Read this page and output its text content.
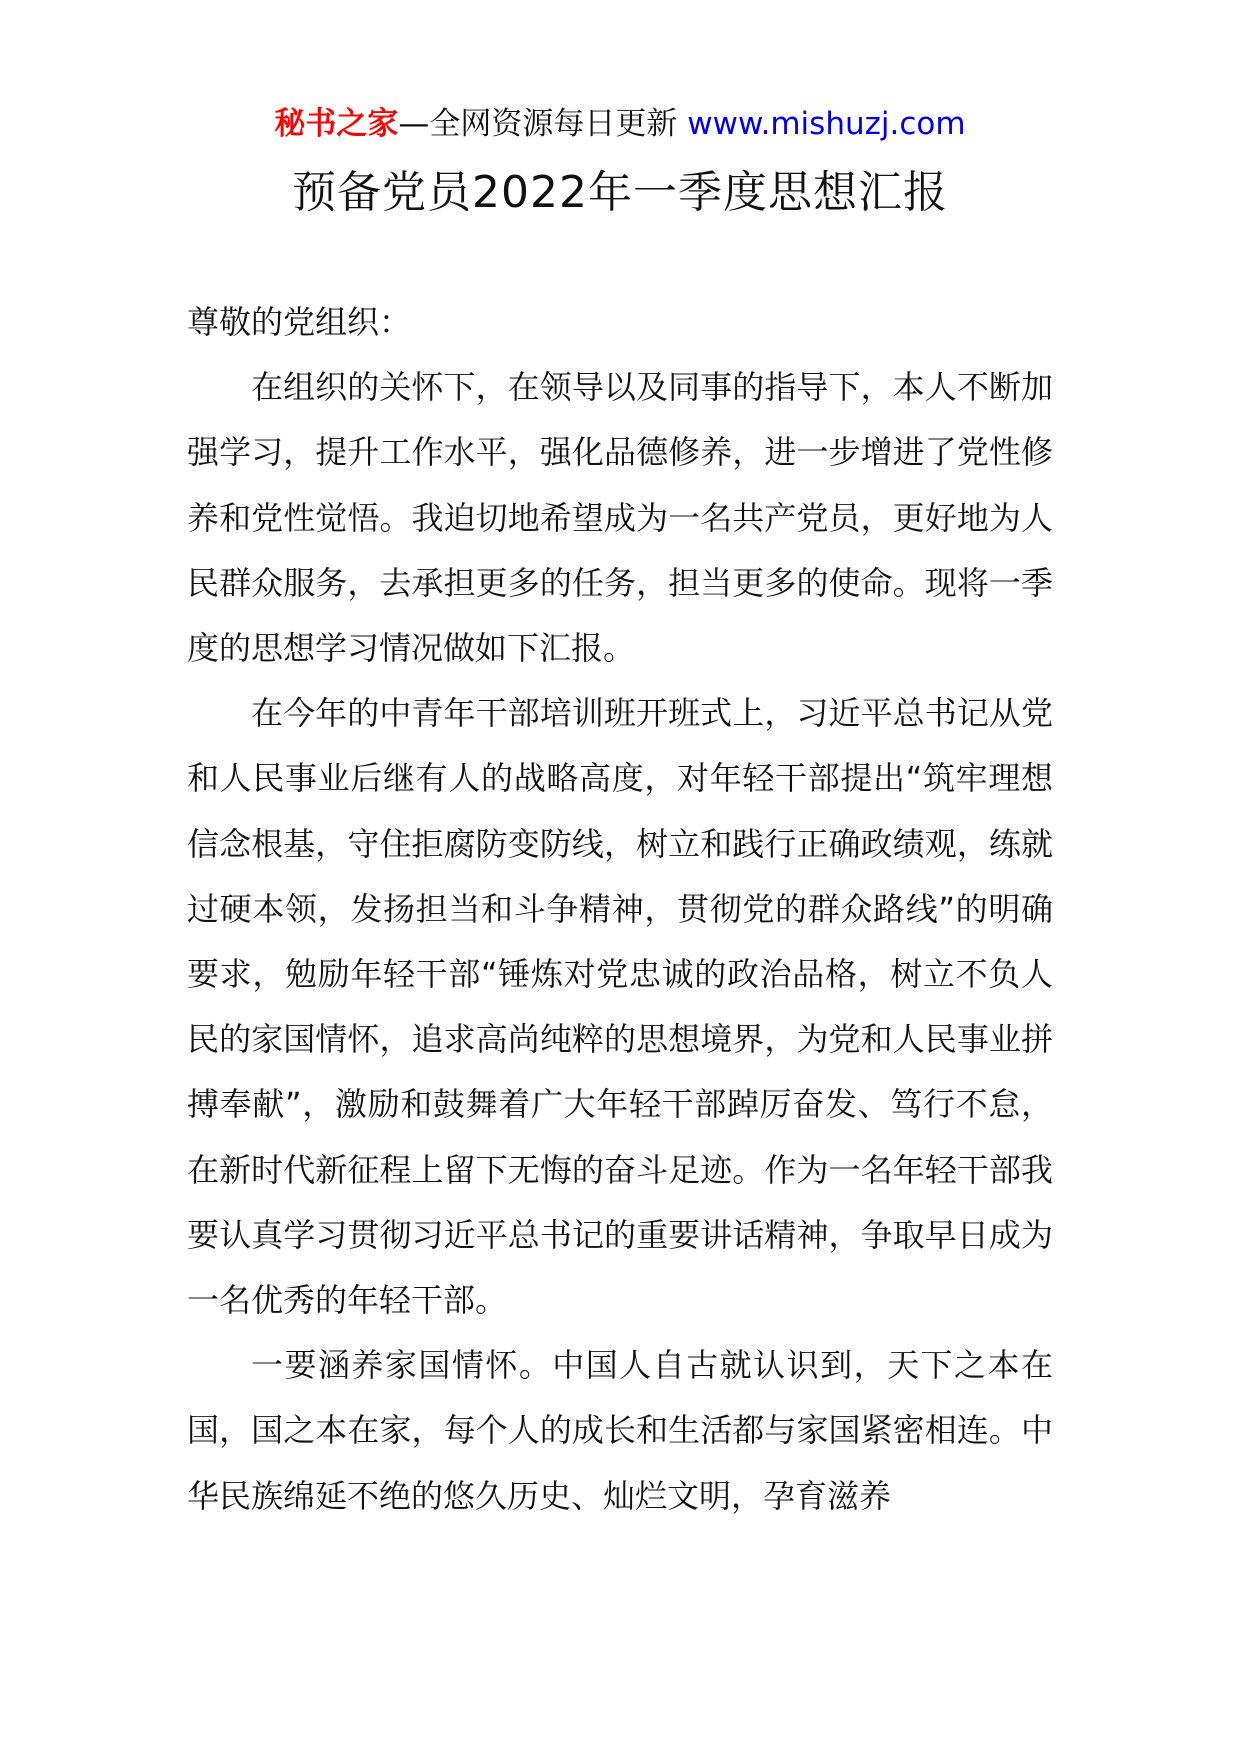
秘书之家—全网资源每日更新 www.mishuzj.com
预备党员2022年一季度思想汇报

尊敬的党组织：

在组织的关怀下，在领导以及同事的指导下，本人不断加强学习，提升工作水平，强化品德修养，进一步增进了党性修养和党性觉悟。我迫切地希望成为一名共产党员，更好地为人民群众服务，去承担更多的任务，担当更多的使命。现将一季度的思想学习情况做如下汇报。

在今年的中青年干部培训班开班式上，习近平总书记从党和人民事业后继有人的战略高度，对年轻干部提出“筑牢理想信念根基，守住拒腐防变防线，树立和践行正确政绩观，练就过硬本领，发扬担当和斗争精神，贯彻党的群众路线”的明确要求，勉励年轻干部“锤炼对党忠诚的政治品格，树立不负人民的家国情怀，追求高尚纯粹的思想境界，为党和人民事业拼搏奉献”，激励和鼓舞着广大年轻干部踔厉奋发、笃行不怠，在新时代新征程上留下无悔的奋斗足迹。作为一名年轻干部我要认真学习贯彻习近平总书记的重要讲话精神，争取早日成为一名优秀的年轻干部。

一要涵养家国情怀。中国人自古就认识到，天下之本在国，国之本在家，每个人的成长和生活都与家国紧密相连。中华民族绵延不绝的悠久历史、灿烂文明，孕育滋养
